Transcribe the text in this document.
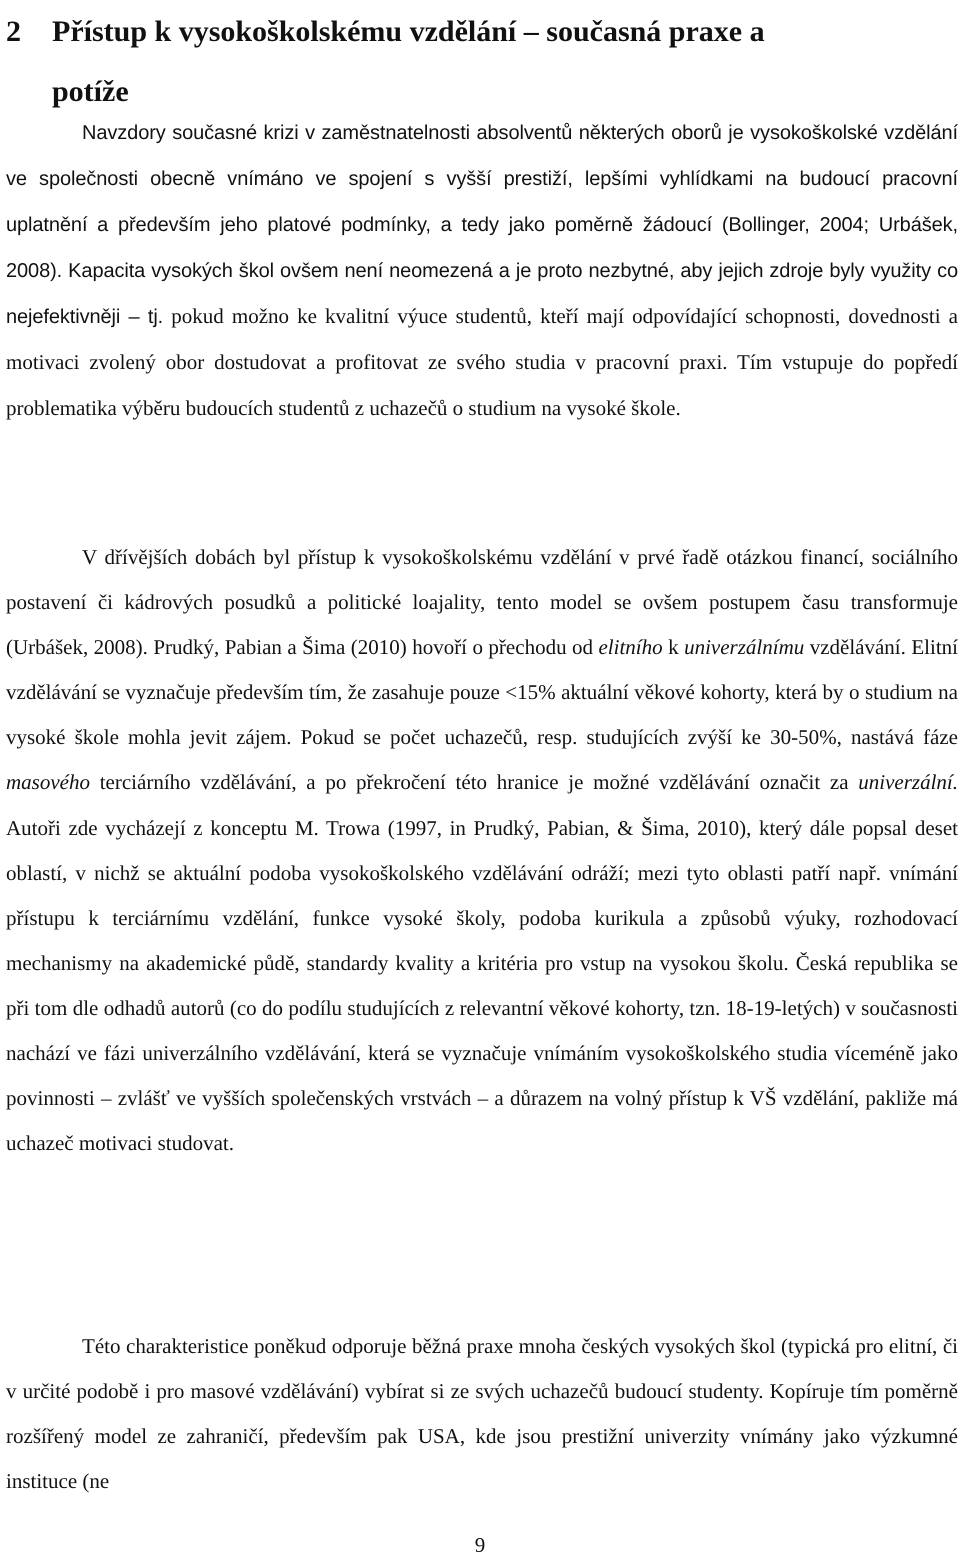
2 Přístup k vysokoškolskému vzdělání – současná praxe a
potíže

Navzdory současné krizi v zaměstnatelnosti absolventů některých oborů je vysokoškolské vzdělání ve společnosti obecně vnímáno ve spojení s vyšší prestiží, lepšími vyhlídkami na budoucí pracovní uplatnění a především jeho platové podmínky, a tedy jako poměrně žádoucí (Bollinger, 2004; Urbášek, 2008). Kapacita vysokých škol ovšem není neomezená a je proto nezbytné, aby jejich zdroje byly využity co nejefektivněji – tj. pokud možno ke kvalitní výuce studentů, kteří mají odpovídající schopnosti, dovednosti a motivaci zvolený obor dostudovat a profitovat ze svého studia v pracovní praxi. Tím vstupuje do popředí problematika výběru budoucích studentů z uchazečů o studium na vysoké škole.

V dřívějších dobách byl přístup k vysokoškolskému vzdělání v prvé řadě otázkou financí, sociálního postavení či kádrových posudků a politické loajality, tento model se ovšem postupem času transformuje (Urbášek, 2008). Prudký, Pabian a Šima (2010) hovoří o přechodu od elitního k univerzálnímu vzdělávání. Elitní vzdělávání se vyznačuje především tím, že zasahuje pouze <15% aktuální věkové kohorty, která by o studium na vysoké škole mohla jevit zájem. Pokud se počet uchazečů, resp. studujících zvýší ke 30-50%, nastává fáze masového terciárního vzdělávání, a po překročení této hranice je možné vzdělávání označit za univerzální. Autoři zde vycházejí z konceptu M. Trowa (1997, in Prudký, Pabian, & Šima, 2010), který dále popsal deset oblastí, v nichž se aktuální podoba vysokoškolského vzdělávání odráží; mezi tyto oblasti patří např. vnímání přístupu k terciárnímu vzdělání, funkce vysoké školy, podoba kurikula a způsobů výuky, rozhodovací mechanismy na akademické půdě, standardy kvality a kritéria pro vstup na vysokou školu. Česká republika se při tom dle odhadů autorů (co do podílu studujících z relevantní věkové kohorty, tzn. 18-19-letých) v současnosti nachází ve fázi univerzálního vzdělávání, která se vyznačuje vnímáním vysokoškolského studia víceméně jako povinnosti – zvlášť ve vyšších společenských vrstvách – a důrazem na volný přístup k VŠ vzdělání, pakliže má uchazeč motivaci studovat.

Této charakteristice poněkud odporuje běžná praxe mnoha českých vysokých škol (typická pro elitní, či v určité podobě i pro masové vzdělávání) vybírat si ze svých uchazečů budoucí studenty. Kopíruje tím poměrně rozšířený model ze zahraničí, především pak USA, kde jsou prestižní univerzity vnímány jako výzkumné instituce (ne

9
